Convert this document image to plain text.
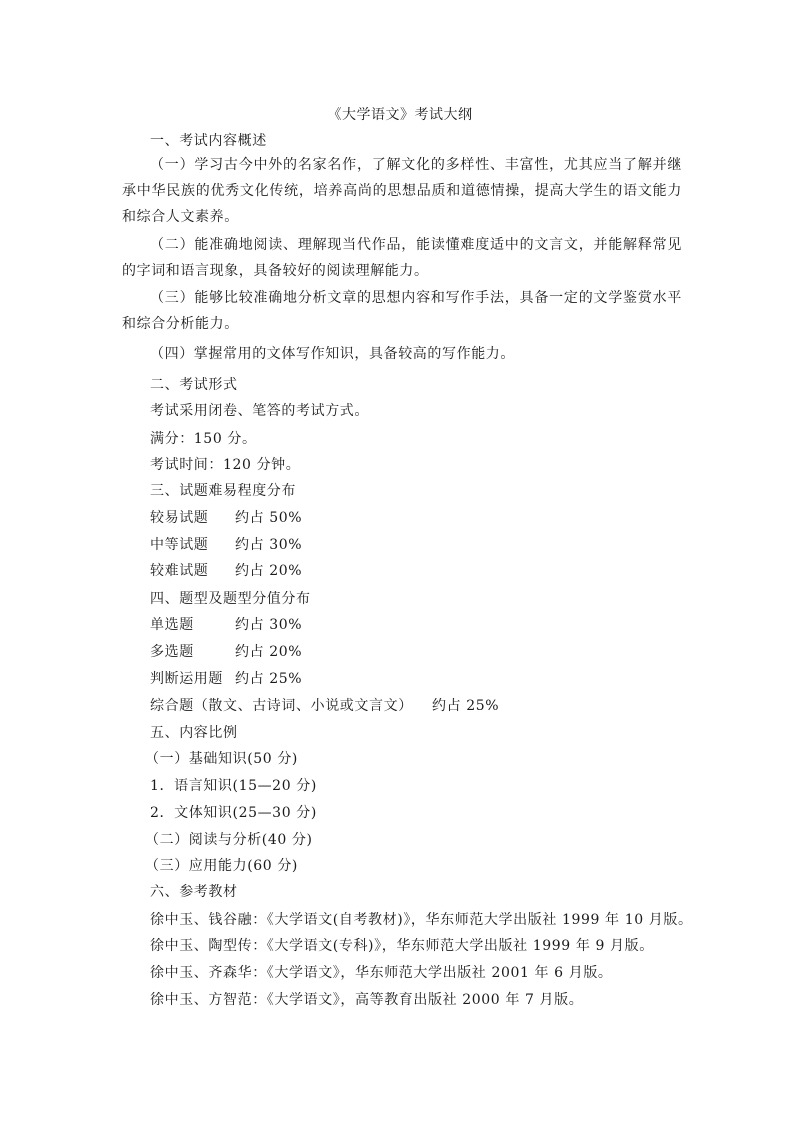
《大学语文》考试大纲
一、考试内容概述
（一）学习古今中外的名家名作，了解文化的多样性、丰富性，尤其应当了解并继承中华民族的优秀文化传统，培养高尚的思想品质和道德情操，提高大学生的语文能力和综合人文素养。
（二）能准确地阅读、理解现当代作品，能读懂难度适中的文言文，并能解释常见的字词和语言现象，具备较好的阅读理解能力。
（三）能够比较准确地分析文章的思想内容和写作手法，具备一定的文学鉴赏水平和综合分析能力。
（四）掌握常用的文体写作知识，具备较高的写作能力。
二、考试形式
考试采用闭卷、笔答的考试方式。
满分：150 分。
考试时间：120 分钟。
三、试题难易程度分布
较易试题 约占 50%
中等试题 约占 30%
较难试题 约占 20%
四、题型及题型分值分布
单选题	约占 30%
多选题	约占 20%
判断运用题 约占 25%
综合题（散文、古诗词、小说或文言文） 约占 25%
五、内容比例
（一）基础知识(50 分)
1．语言知识(15—20 分)
2．文体知识(25—30 分)
（二）阅读与分析(40 分)
（三）应用能力(60 分)
六、参考教材
徐中玉、钱谷融：《大学语文(自考教材)》，华东师范大学出版社 1999 年 10 月版。
徐中玉、陶型传：《大学语文(专科)》，华东师范大学出版社 1999 年 9 月版。
徐中玉、齐森华：《大学语文》，华东师范大学出版社 2001 年 6 月版。
徐中玉、方智范：《大学语文》，高等教育出版社 2000 年 7 月版。
